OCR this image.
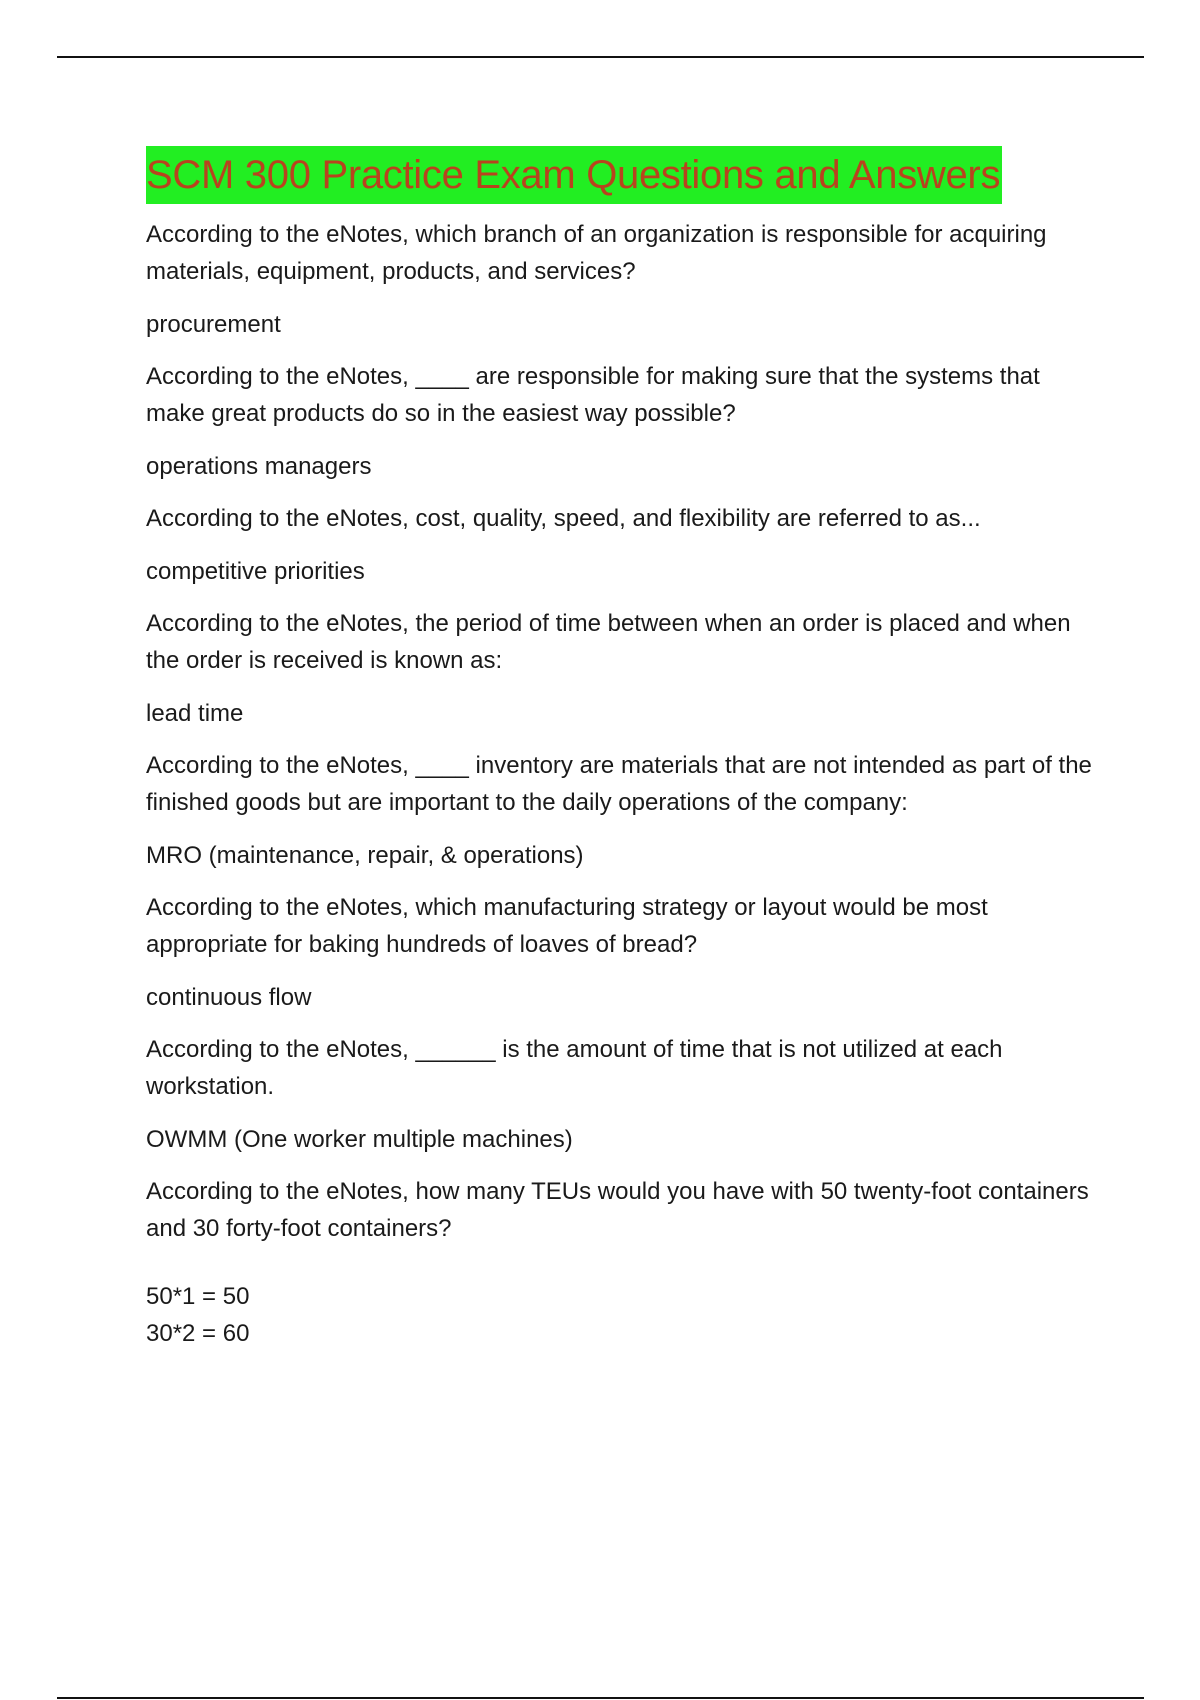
SCM 300 Practice Exam Questions and Answers

According to the eNotes, which branch of an organization is responsible for acquiring materials, equipment, products, and services?

procurement

According to the eNotes, ____ are responsible for making sure that the systems that make great products do so in the easiest way possible?

operations managers

According to the eNotes, cost, quality, speed, and flexibility are referred to as...

competitive priorities

According to the eNotes, the period of time between when an order is placed and when the order is received is known as:

lead time

According to the eNotes, ____ inventory are materials that are not intended as part of the finished goods but are important to the daily operations of the company:

MRO (maintenance, repair, & operations)

According to the eNotes, which manufacturing strategy or layout would be most appropriate for baking hundreds of loaves of bread?

continuous flow

According to the eNotes, ______ is the amount of time that is not utilized at each workstation.

OWMM (One worker multiple machines)

According to the eNotes, how many TEUs would you have with 50 twenty-foot containers and 30 forty-foot containers?

50*1 = 50
30*2 = 60
